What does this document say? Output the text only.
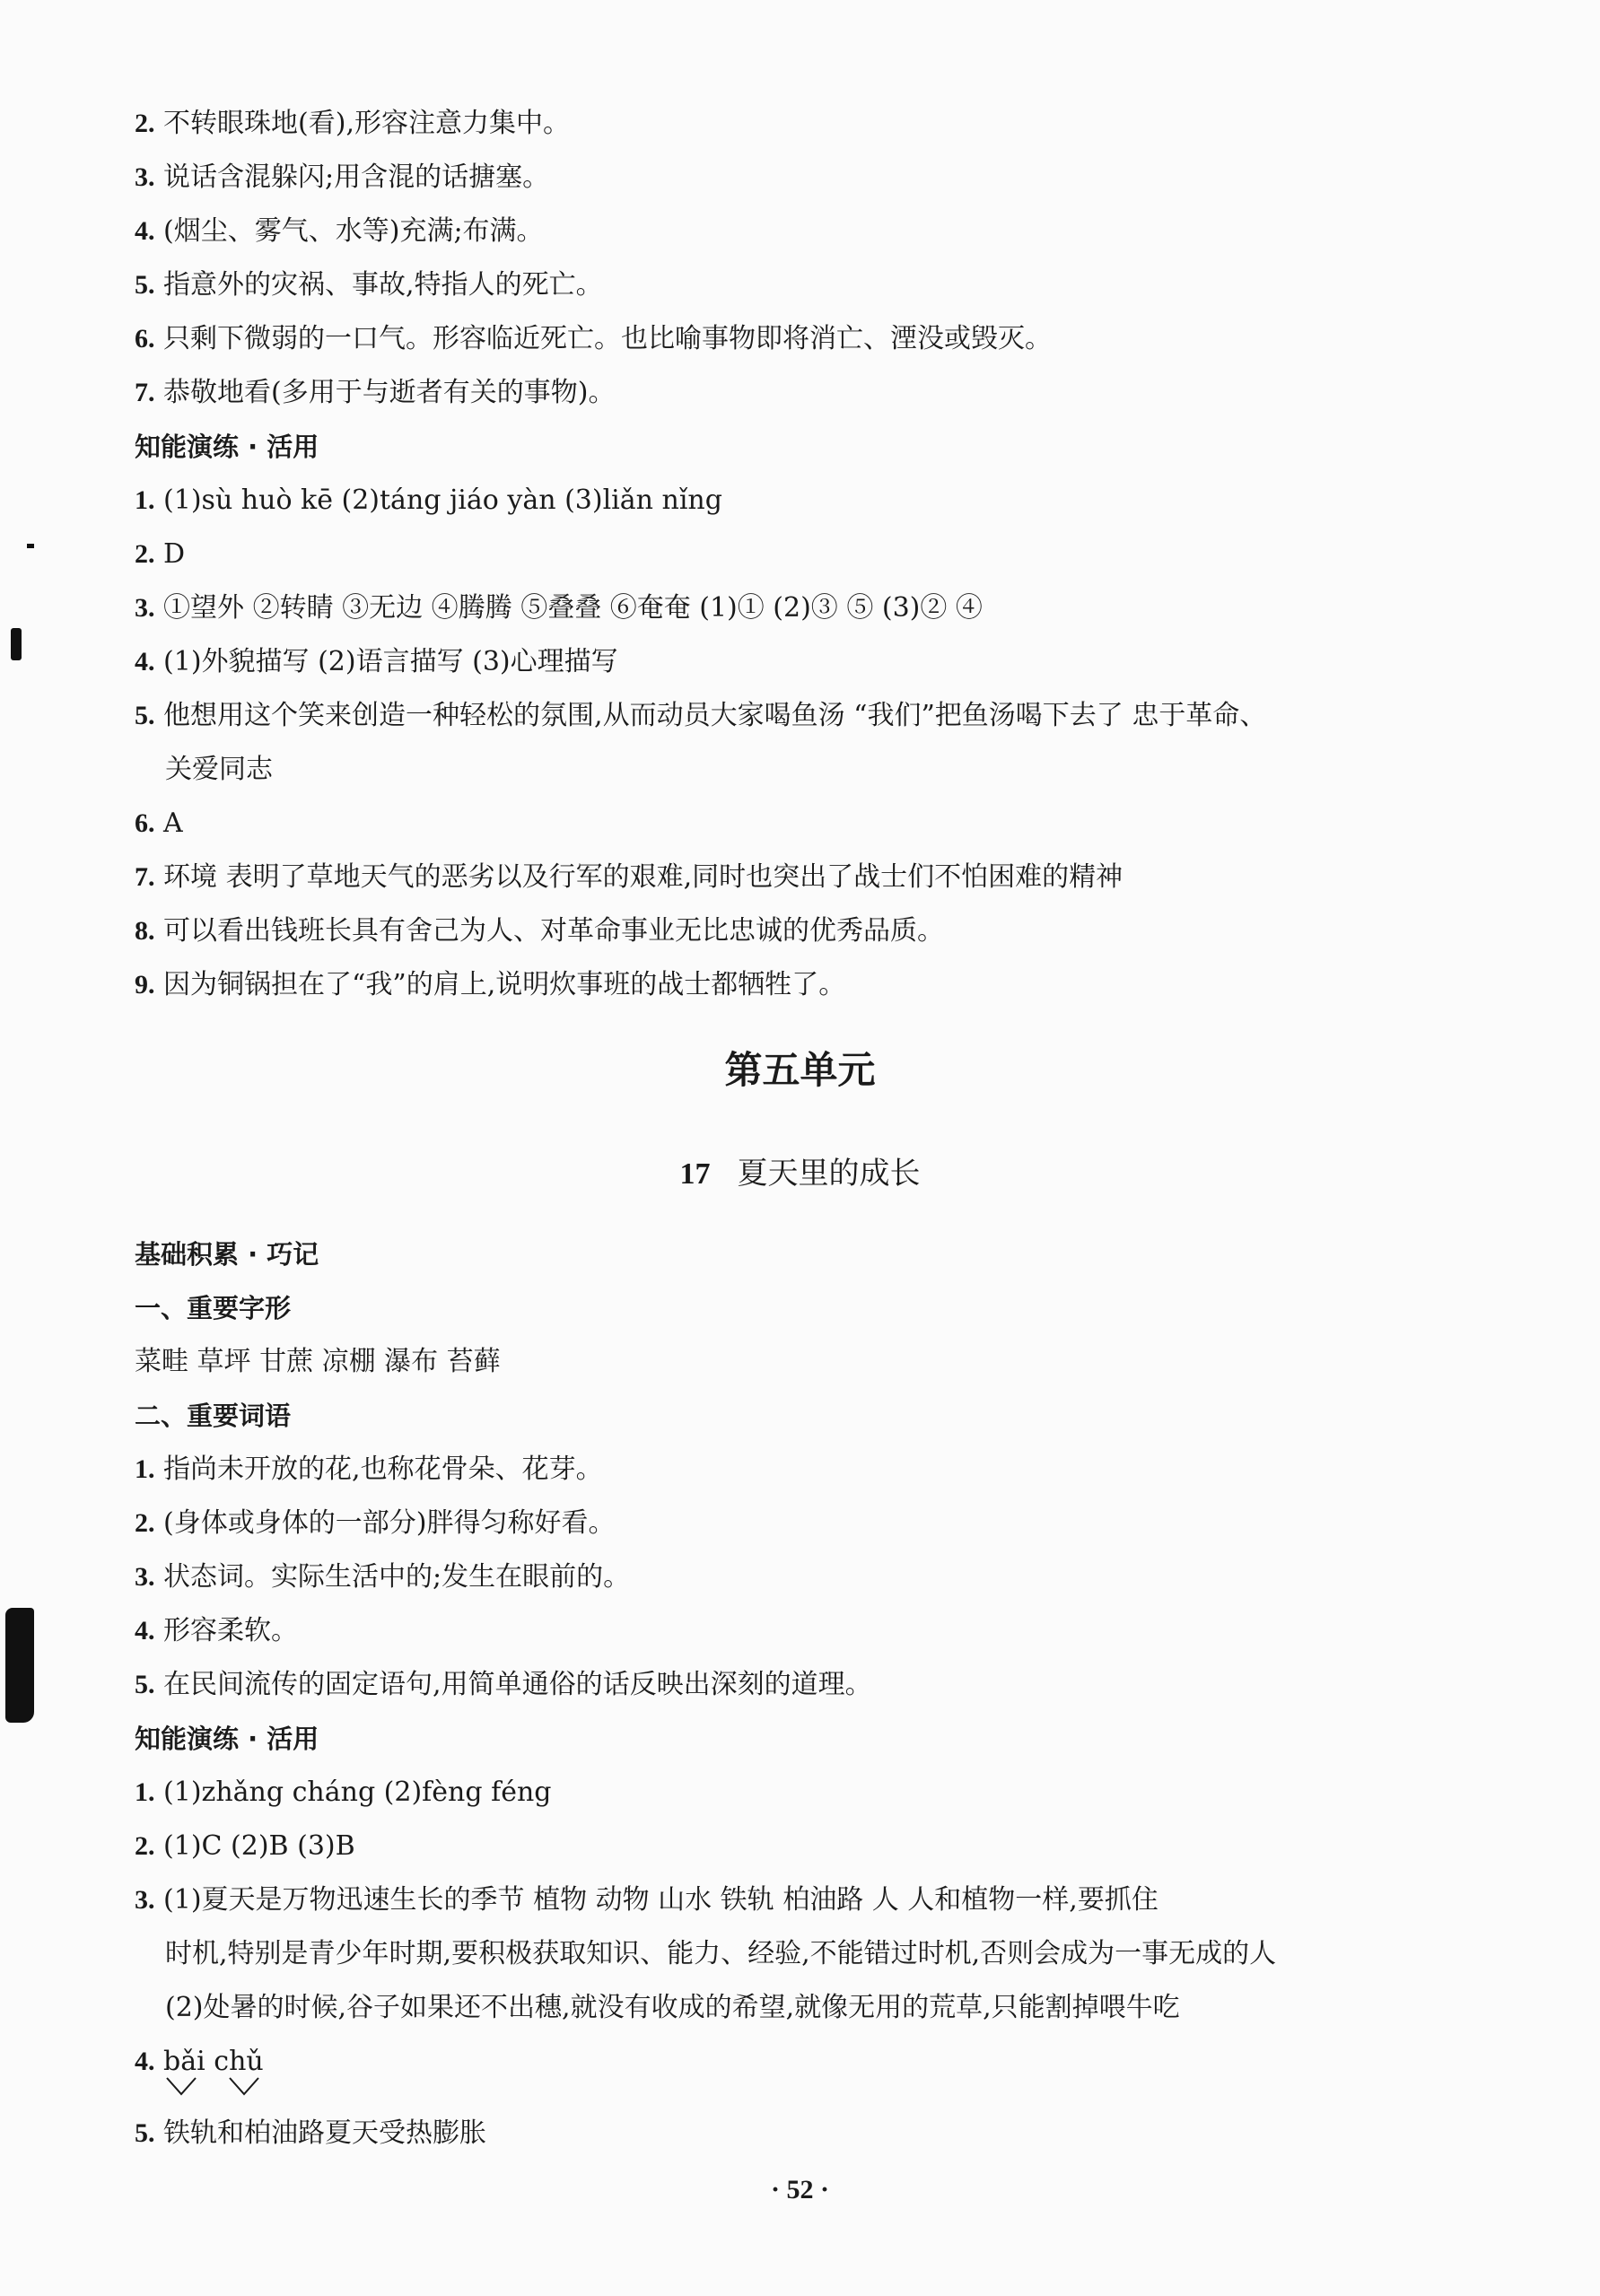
2. 不转眼珠地(看),形容注意力集中。
3. 说话含混躲闪;用含混的话搪塞。
4. (烟尘、雾气、水等)充满;布满。
5. 指意外的灾祸、事故,特指人的死亡。
6. 只剩下微弱的一口气。形容临近死亡。也比喻事物即将消亡、湮没或毁灭。
7. 恭敬地看(多用于与逝者有关的事物)。
知能演练 · 活用
1. (1)sù huò kē (2)táng jiáo yàn (3)liǎn nǐng
2. D
3. ①望外 ②转睛 ③无边 ④腾腾 ⑤叠叠 ⑥奄奄 (1)① (2)③ ⑤ (3)② ④
4. (1)外貌描写 (2)语言描写 (3)心理描写
5. 他想用这个笑来创造一种轻松的氛围,从而动员大家喝鱼汤 “我们”把鱼汤喝下去了 忠于革命、
关爱同志
6. A
7. 环境 表明了草地天气的恶劣以及行军的艰难,同时也突出了战士们不怕困难的精神
8. 可以看出钱班长具有舍己为人、对革命事业无比忠诚的优秀品质。
9. 因为铜锅担在了“我”的肩上,说明炊事班的战士都牺牲了。
第五单元
17 夏天里的成长
基础积累 · 巧记
一、重要字形
菜畦 草坪 甘蔗 凉棚 瀑布 苔藓
二、重要词语
1. 指尚未开放的花,也称花骨朵、花芽。
2. (身体或身体的一部分)胖得匀称好看。
3. 状态词。实际生活中的;发生在眼前的。
4. 形容柔软。
5. 在民间流传的固定语句,用简单通俗的话反映出深刻的道理。
知能演练 · 活用
1. (1)zhǎng cháng (2)fèng féng
2. (1)C (2)B (3)B
3. (1)夏天是万物迅速生长的季节 植物 动物 山水 铁轨 柏油路 人 人和植物一样,要抓住
时机,特别是青少年时期,要积极获取知识、能力、经验,不能错过时机,否则会成为一事无成的人
(2)处暑的时候,谷子如果还不出穗,就没有收成的希望,就像无用的荒草,只能割掉喂牛吃
4. bǎi chǔ
5. 铁轨和柏油路夏天受热膨胀
· 52 ·
